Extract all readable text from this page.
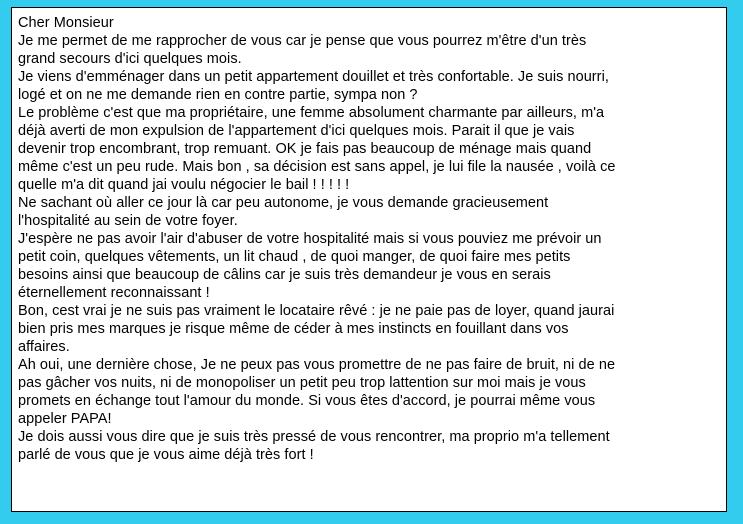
Cher Monsieur
Je me permet de me rapprocher de vous car je pense que vous pourrez m'être d'un très
grand secours d'ici quelques mois.
Je viens d'emménager dans un petit appartement douillet et très confortable. Je suis nourri,
logé et on ne me demande rien en contre partie, sympa non ?
Le problème c'est que ma propriétaire, une femme absolument charmante par ailleurs, m'a
déjà averti de mon expulsion de l'appartement d'ici quelques mois. Parait il que je vais
devenir trop encombrant, trop remuant. OK je fais pas beaucoup de ménage mais quand
même c'est un peu rude. Mais bon , sa décision est sans appel, je lui file la nausée , voilà ce
quelle m'a dit quand jai voulu négocier le bail ! ! ! ! !
Ne sachant où aller ce jour là car peu autonome, je vous demande gracieusement
l'hospitalité au sein de votre foyer.
J'espère ne pas avoir l'air d'abuser de votre hospitalité mais si vous pouviez me prévoir un
petit coin, quelques vêtements, un lit chaud , de quoi manger, de quoi faire mes petits
besoins ainsi que beaucoup de câlins car je suis très demandeur je vous en serais
éternellement reconnaissant !
Bon, cest vrai je ne suis pas vraiment le locataire rêvé : je ne paie pas de loyer, quand jaurai
bien pris mes marques je risque même de céder à mes instincts en fouillant dans vos
affaires.
Ah oui, une dernière chose, Je ne peux pas vous promettre de ne pas faire de bruit, ni de ne
pas gâcher vos nuits, ni de monopoliser un petit peu trop lattention sur moi mais je vous
promets en échange tout l'amour du monde. Si vous êtes d'accord, je pourrai même vous
appeler PAPA!
Je dois aussi vous dire que je suis très pressé de vous rencontrer, ma proprio m'a tellement
parlé de vous que je vous aime déjà très fort !
